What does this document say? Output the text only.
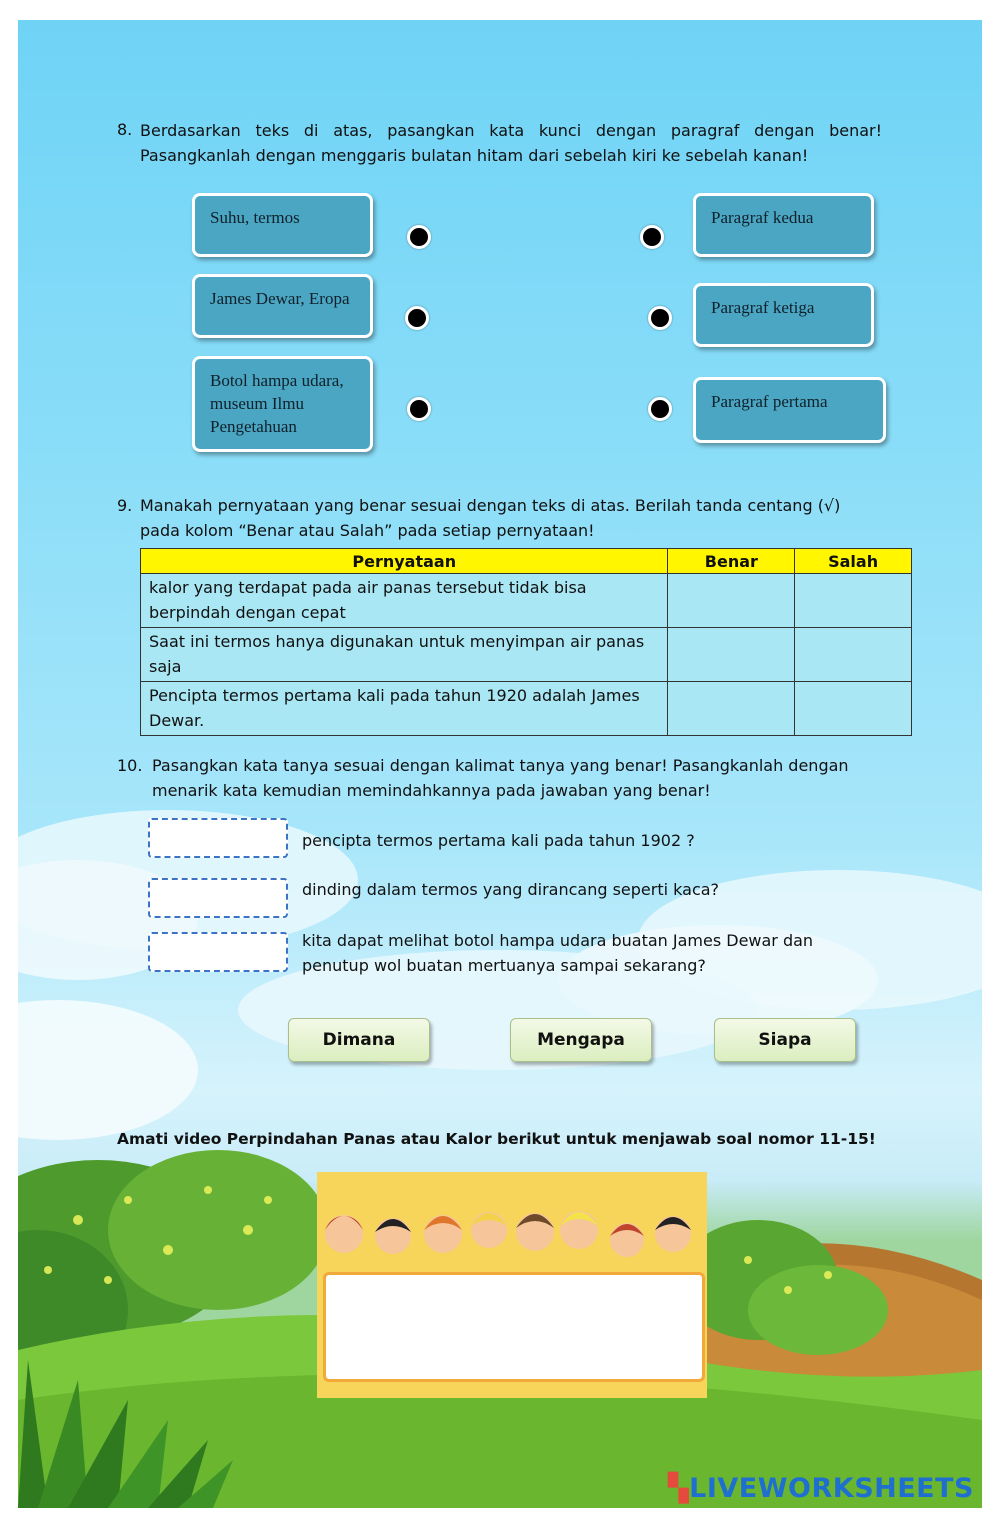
8. Berdasarkan teks di atas, pasangkan kata kunci dengan paragraf dengan benar!
Pasangkanlah dengan menggaris bulatan hitam dari sebelah kiri ke sebelah kanan!
Suhu, termos
James Dewar, Eropa
Botol hampa udara, museum Ilmu Pengetahuan
Paragraf kedua
Paragraf ketiga
Paragraf pertama
9. Manakah pernyataan yang benar sesuai dengan teks di atas. Berilah tanda centang (√)
pada kolom “Benar atau Salah” pada setiap pernyataan!
Pernyataan	Benar	Salah
kalor yang terdapat pada air panas tersebut tidak bisa berpindah dengan cepat		
Saat ini termos hanya digunakan untuk menyimpan air panas saja		
Pencipta termos pertama kali pada tahun 1920 adalah James Dewar.		
10. Pasangkan kata tanya sesuai dengan kalimat tanya yang benar! Pasangkanlah dengan
menarik kata kemudian memindahkannya pada jawaban yang benar!
pencipta termos pertama kali pada tahun 1902 ?
dinding dalam termos yang dirancang seperti kaca?
kita dapat melihat botol hampa udara buatan James Dewar dan
penutup wol buatan mertuanya sampai sekarang?
Dimana	Mengapa	Siapa
Amati video Perpindahan Panas atau Kalor berikut untuk menjawab soal nomor 11-15!
▚LIVEWORKSHEETS
